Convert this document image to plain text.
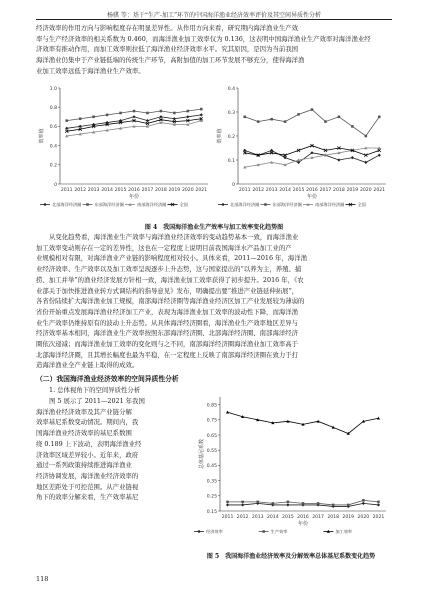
杨骐 等：基于“生产-加工”环节的中国海洋渔业经济效率评价及其空间异质性分析
经济效率的作用方向与影响程度存在明显差异性。从作用方向来看，研究期内海洋渔业生产效
率与生产经济效率的相关系数为 0.460，而海洋渔业加工效率仅为 0.136，这表明中国海洋渔业生产效率对海洋渔业经
济效率有推动作用，而加工效率则拉低了海洋渔业经济效率水平。究其原因，是因为当前我国
海洋渔业仍集中于产业链低端的传统生产环节，高附加值的加工环节发展不够充分，使得海洋渔
业加工效率远低于海洋渔业生产效率。
0
0.2
0.4
0.6
0.8
1.0
2011 2012 2013 2014 2015 2016 2017 2018 2019 2020 2021
年份
效率值
北部海洋经济圈	东部海洋经济圈	南部海洋经济圈	全国
0
0.1
0.2
0.3
0.4
2011 2012 2013 2014 2015 2016 2017 2018 2019 2020 2021
年份
效率值
北部海洋经济圈	东部海洋经济圈	南部海洋经济圈	全国
图 4　我国海洋渔业生产效率与加工效率变化趋势图
从变化趋势看，海洋渔业生产效率与海洋渔业经济效率的变动趋势基本一致，而海洋渔业
加工效率变动则存在一定的差异性，这也在一定程度上说明目前我国海洋水产品加工业的产
业规模相对有限，对海洋渔业产业链的影响程度相对较小。具体来看，2011—2016 年，海洋渔
业经济效率、生产效率以及加工效率呈现逐步上升态势，这与国家提出的“以养为主，养殖、捕
捞、加工并举”的渔业经济发展方针相一致，海洋渔业加工效率获得了初步提升。2016 年，《农
业部关于加快推进渔业转方式调结构的指导意见》发布，明确提出要“推进产业链延伸拓展”，
各省份陆续扩大海洋渔业加工规模，南部海洋经济圈等海洋渔业经济区加工产业发展较为薄弱的
省份开始重点发展海洋渔业经济加工产业，表现为海洋渔业加工效率的波动性下降，而海洋渔
业生产效率仍维持原有的波动上升态势。从具体海洋经济圈看，海洋渔业生产效率地区差异与
经济效率基本相同，海洋渔业生产效率按照东部海洋经济圈、北部海洋经济圈、南部海洋经济
圈依次递减；而海洋渔业加工效率的变化则与之不同，南部海洋经济圈海洋渔业加工效率高于
北部海洋经济圈，且其增长幅度也最为平稳，在一定程度上反映了南部海洋经济圈在致力于打
造海洋渔业全产业链上取得的成效。
（二）我国海洋渔业经济效率的空间异质性分析
1. 总体视角下的空间异质性分析
图 5 展示了 2011—2021 年我国
海洋渔业经济效率及其产业链分解
效率基尼系数变动情况。期间内，我
国海洋渔业经济效率的基尼系数围
绕 0.189 上下波动，表明海洋渔业经
济效率区域差异较小。近年来，政府
通过一系列政策持续推进海洋渔业
经济协调发展，海洋渔业经济效率的
地区差距处于可控范围。从产业链视
角下的效率分解来看，生产效率基尼
0.15
0.25
0.35
0.45
0.55
0.65
0.75
0.85
2011 2012 2013 2014 2015 2016 2017 2018 2019 2020 2021
年份
总体基尼系数
经济效率	生产效率	加工效率
图 5　我国海洋渔业经济效率及分解效率总体基尼系数变化趋势
118
